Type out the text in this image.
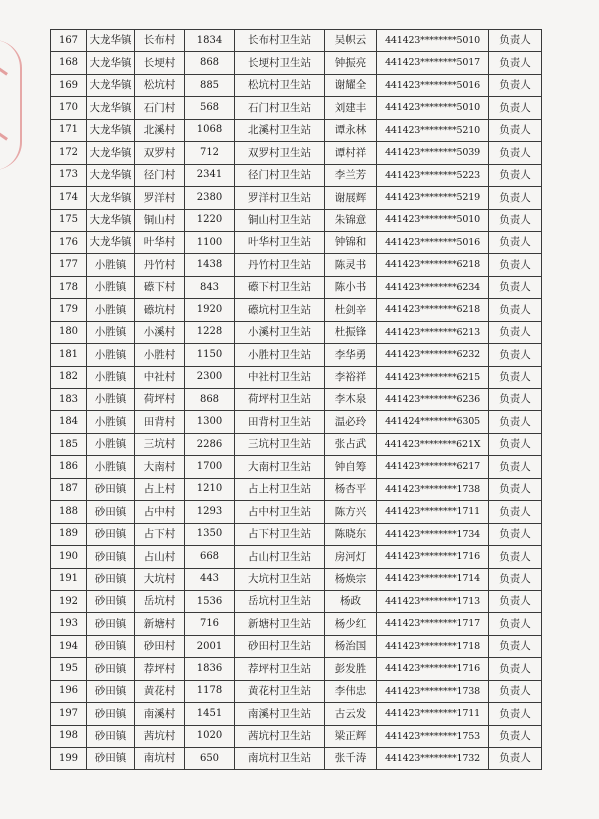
167	大龙华镇	长布村	1834	长布村卫生站	吴帜云	441423********5010	负责人
168	大龙华镇	长埂村	868	长埂村卫生站	钟振亮	441423********5017	负责人
169	大龙华镇	松坑村	885	松坑村卫生站	谢耀全	441423********5016	负责人
170	大龙华镇	石门村	568	石门村卫生站	刘建丰	441423********5010	负责人
171	大龙华镇	北溪村	1068	北溪村卫生站	谭永林	441423********5210	负责人
172	大龙华镇	双罗村	712	双罗村卫生站	谭村祥	441423********5039	负责人
173	大龙华镇	径门村	2341	径门村卫生站	李兰芳	441423********5223	负责人
174	大龙华镇	罗洋村	2380	罗洋村卫生站	谢展辉	441423********5219	负责人
175	大龙华镇	铜山村	1220	铜山村卫生站	朱锦意	441423********5010	负责人
176	大龙华镇	叶华村	1100	叶华村卫生站	钟锦和	441423********5016	负责人
177	小胜镇	丹竹村	1438	丹竹村卫生站	陈灵书	441423********6218	负责人
178	小胜镇	礤下村	843	礤下村卫生站	陈小书	441423********6234	负责人
179	小胜镇	礤坑村	1920	礤坑村卫生站	杜剑辛	441423********6218	负责人
180	小胜镇	小溪村	1228	小溪村卫生站	杜振锋	441423********6213	负责人
181	小胜镇	小胜村	1150	小胜村卫生站	李华勇	441423********6232	负责人
182	小胜镇	中社村	2300	中社村卫生站	李裕祥	441423********6215	负责人
183	小胜镇	荷坪村	868	荷坪村卫生站	李木泉	441423********6236	负责人
184	小胜镇	田背村	1300	田背村卫生站	温必玲	441424********6305	负责人
185	小胜镇	三坑村	2286	三坑村卫生站	张占武	441423********621X	负责人
186	小胜镇	大南村	1700	大南村卫生站	钟自筹	441423********6217	负责人
187	砂田镇	占上村	1210	占上村卫生站	杨杏平	441423********1738	负责人
188	砂田镇	占中村	1293	占中村卫生站	陈方兴	441423********1711	负责人
189	砂田镇	占下村	1350	占下村卫生站	陈晓东	441423********1734	负责人
190	砂田镇	占山村	668	占山村卫生站	房河灯	441423********1716	负责人
191	砂田镇	大坑村	443	大坑村卫生站	杨焕宗	441423********1714	负责人
192	砂田镇	岳坑村	1536	岳坑村卫生站	杨政	441423********1713	负责人
193	砂田镇	新塘村	716	新塘村卫生站	杨少红	441423********1717	负责人
194	砂田镇	砂田村	2001	砂田村卫生站	杨治国	441423********1718	负责人
195	砂田镇	荐坪村	1836	荐坪村卫生站	彭发胜	441423********1716	负责人
196	砂田镇	黄花村	1178	黄花村卫生站	李伟忠	441423********1738	负责人
197	砂田镇	南溪村	1451	南溪村卫生站	古云发	441423********1711	负责人
198	砂田镇	茜坑村	1020	茜坑村卫生站	梁正辉	441423********1753	负责人
199	砂田镇	南坑村	650	南坑村卫生站	张千涛	441423********1732	负责人
